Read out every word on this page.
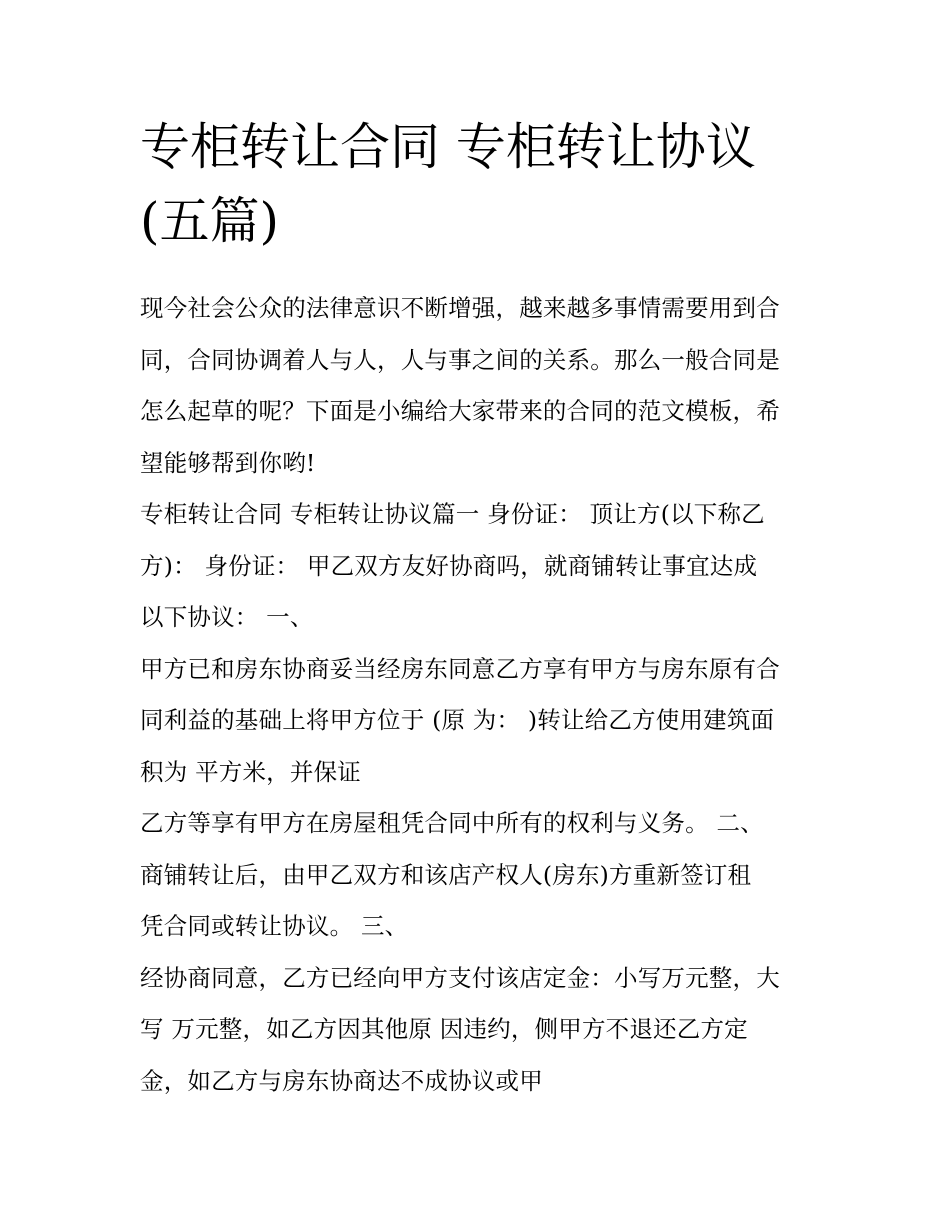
专柜转让合同 专柜转让协议
(五篇)
现今社会公众的法律意识不断增强，越来越多事情需要用到合
同，合同协调着人与人，人与事之间的关系。那么一般合同是
怎么起草的呢？下面是小编给大家带来的合同的范文模板，希
望能够帮到你哟!
专柜转让合同 专柜转让协议篇一 身份证： 顶让方(以下称乙
方)： 身份证： 甲乙双方友好协商吗，就商铺转让事宜达成
以下协议： 一、
甲方已和房东协商妥当经房东同意乙方享有甲方与房东原有合
同利益的基础上将甲方位于 (原 为： )转让给乙方使用建筑面
积为 平方米，并保证
乙方等享有甲方在房屋租凭合同中所有的权利与义务。 二、
商铺转让后，由甲乙双方和该店产权人(房东)方重新签订租
凭合同或转让协议。 三、
经协商同意，乙方已经向甲方支付该店定金：小写万元整，大
写 万元整，如乙方因其他原 因违约，侧甲方不退还乙方定
金，如乙方与房东协商达不成协议或甲
